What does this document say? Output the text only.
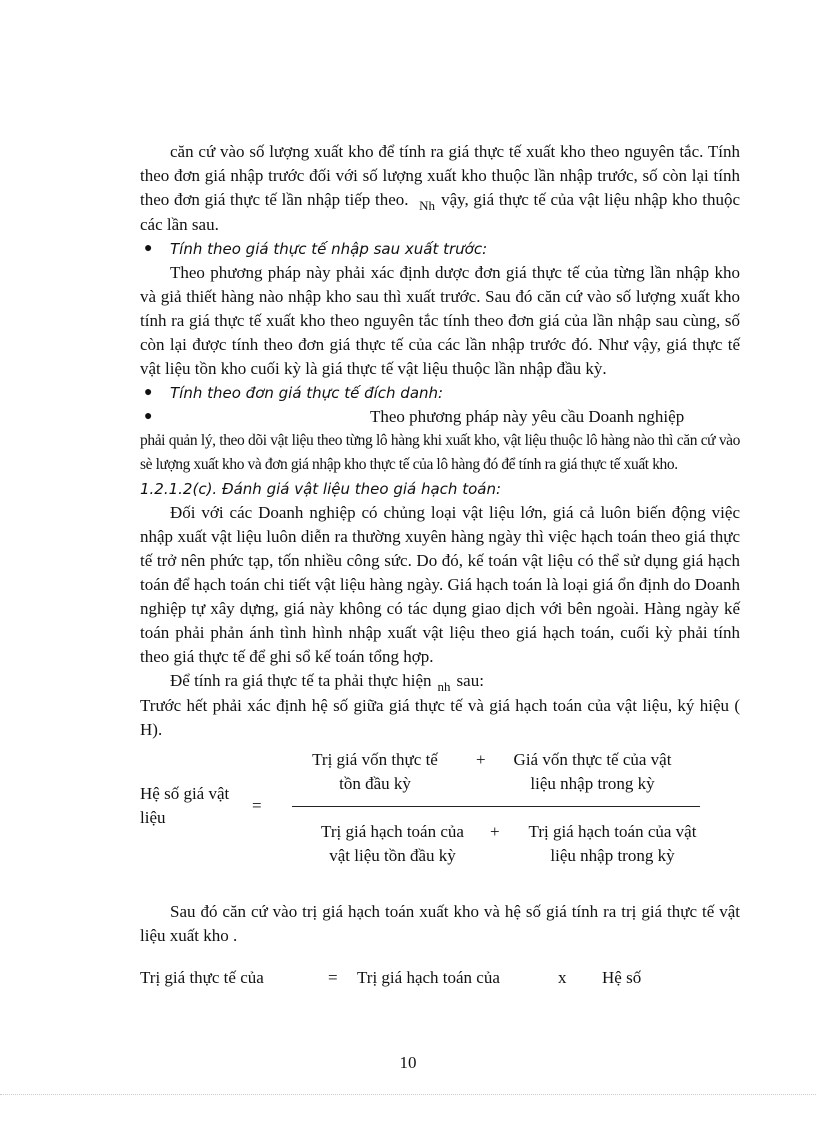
căn cứ vào số lượng xuất kho để tính ra giá thực tế xuất kho theo nguyên tắc. Tính theo đơn giá nhập trước đối với số lượng xuất kho thuộc lần nhập trước, số còn lại tính theo đơn giá thực tế lần nhập tiếp theo. $_{Nh}$ vậy, giá thực tế của vật liệu nhập kho thuộc các lần sau.

●	Tính theo giá thực tế nhập sau xuất trước:

Theo phương pháp này phải xác định dược đơn giá thực tế của từng lần nhập kho và giả thiết hàng nào nhập kho sau thì xuất trước. Sau đó căn cứ vào số lượng xuất kho tính ra giá thực tế xuất kho theo nguyên tắc tính theo đơn giá của lần nhập sau cùng, số còn lại được tính theo đơn giá thực tế của các lần nhập trước đó. Như vậy, giá thực tế vật liệu tồn kho cuối kỳ là giá thực tế vật liệu thuộc lần nhập đầu kỳ.

●	Tính theo đơn giá thực tế đích danh:
●	Theo phương pháp này yêu cầu Doanh nghiệp

phải quản lý, theo dõi vật liệu theo từng lô hàng khi xuất kho, vật liệu thuộc lô hàng nào thì căn cứ vào sè lượng xuất kho và đơn giá nhập kho thực tế của lô hàng đó để tính ra giá thực tế xuất kho.

1.2.1.2(c). Đánh giá vật liệu theo giá hạch toán:

Đối với các Doanh nghiệp có chủng loại vật liệu lớn, giá cả luôn biến động việc nhập xuất vật liệu luôn diễn ra thường xuyên hàng ngày thì việc hạch toán theo giá thực tế trở nên phức tạp, tốn nhiều công sức. Do đó, kế toán vật liệu có thể sử dụng giá hạch toán để hạch toán chi tiết vật liệu hàng ngày. Giá hạch toán là loại giá ổn định do Doanh nghiệp tự xây dựng, giá này không có tác dụng giao dịch với bên ngoài. Hàng ngày kế toán phải phản ánh tình hình nhập xuất vật liệu theo giá hạch toán, cuối kỳ phải tính theo giá thực tế để ghi sổ kế toán tổng hợp.

Để tính ra giá thực tế ta phải thực hiện $_{nh}$ sau:

Trước hết phải xác định hệ số giữa giá thực tế và giá hạch toán của vật liệu, ký hiệu ( H).

Hệ số giá vật liệu
=
Trị giá vốn thực tế tồn đầu kỳ
+	Giá vốn thực tế của vật liệu nhập trong kỳ
Trị giá hạch toán của vật liệu tồn đầu kỳ
+ Trị giá hạch toán của vật liệu nhập trong kỳ

Sau đó căn cứ vào trị giá hạch toán xuất kho và hệ số giá tính ra trị giá thực tế vật liệu xuất kho .

Trị giá thực tế của	= Trị giá hạch toán của	x Hệ số
10
